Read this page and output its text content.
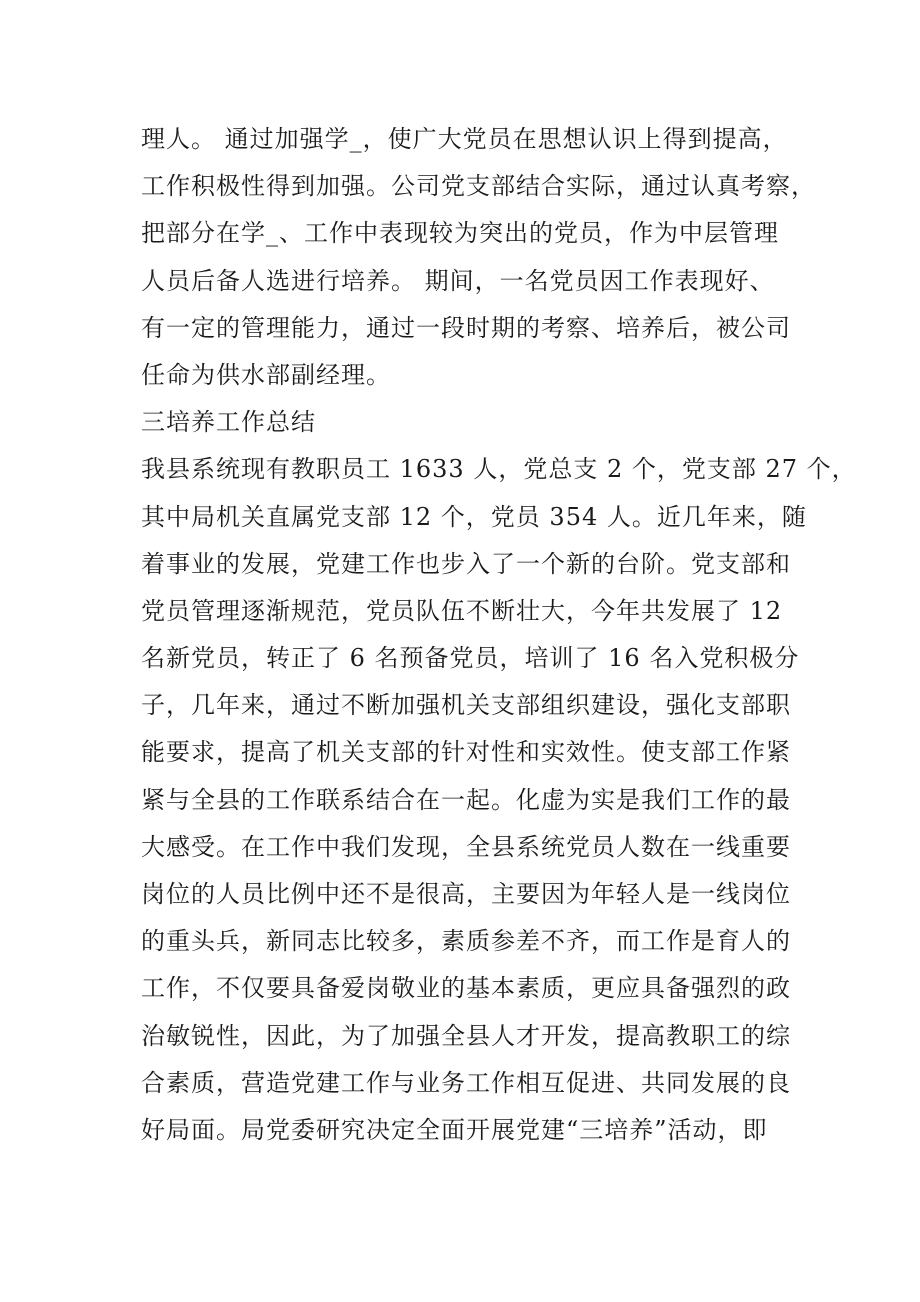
理人。 通过加强学_，使广大党员在思想认识上得到提高，
工作积极性得到加强。公司党支部结合实际，通过认真考察，
把部分在学_、工作中表现较为突出的党员，作为中层管理
人员后备人选进行培养。 期间，一名党员因工作表现好、
有一定的管理能力，通过一段时期的考察、培养后，被公司
任命为供水部副经理。
三培养工作总结
我县系统现有教职员工 1633 人，党总支 2 个，党支部 27 个，
其中局机关直属党支部 12 个，党员 354 人。近几年来，随
着事业的发展，党建工作也步入了一个新的台阶。党支部和
党员管理逐渐规范，党员队伍不断壮大，今年共发展了 12
名新党员，转正了 6 名预备党员，培训了 16 名入党积极分
子，几年来，通过不断加强机关支部组织建设，强化支部职
能要求，提高了机关支部的针对性和实效性。使支部工作紧
紧与全县的工作联系结合在一起。化虚为实是我们工作的最
大感受。在工作中我们发现，全县系统党员人数在一线重要
岗位的人员比例中还不是很高，主要因为年轻人是一线岗位
的重头兵，新同志比较多，素质参差不齐，而工作是育人的
工作，不仅要具备爱岗敬业的基本素质，更应具备强烈的政
治敏锐性，因此，为了加强全县人才开发，提高教职工的综
合素质，营造党建工作与业务工作相互促进、共同发展的良
好局面。局党委研究决定全面开展党建“三培养”活动，即
